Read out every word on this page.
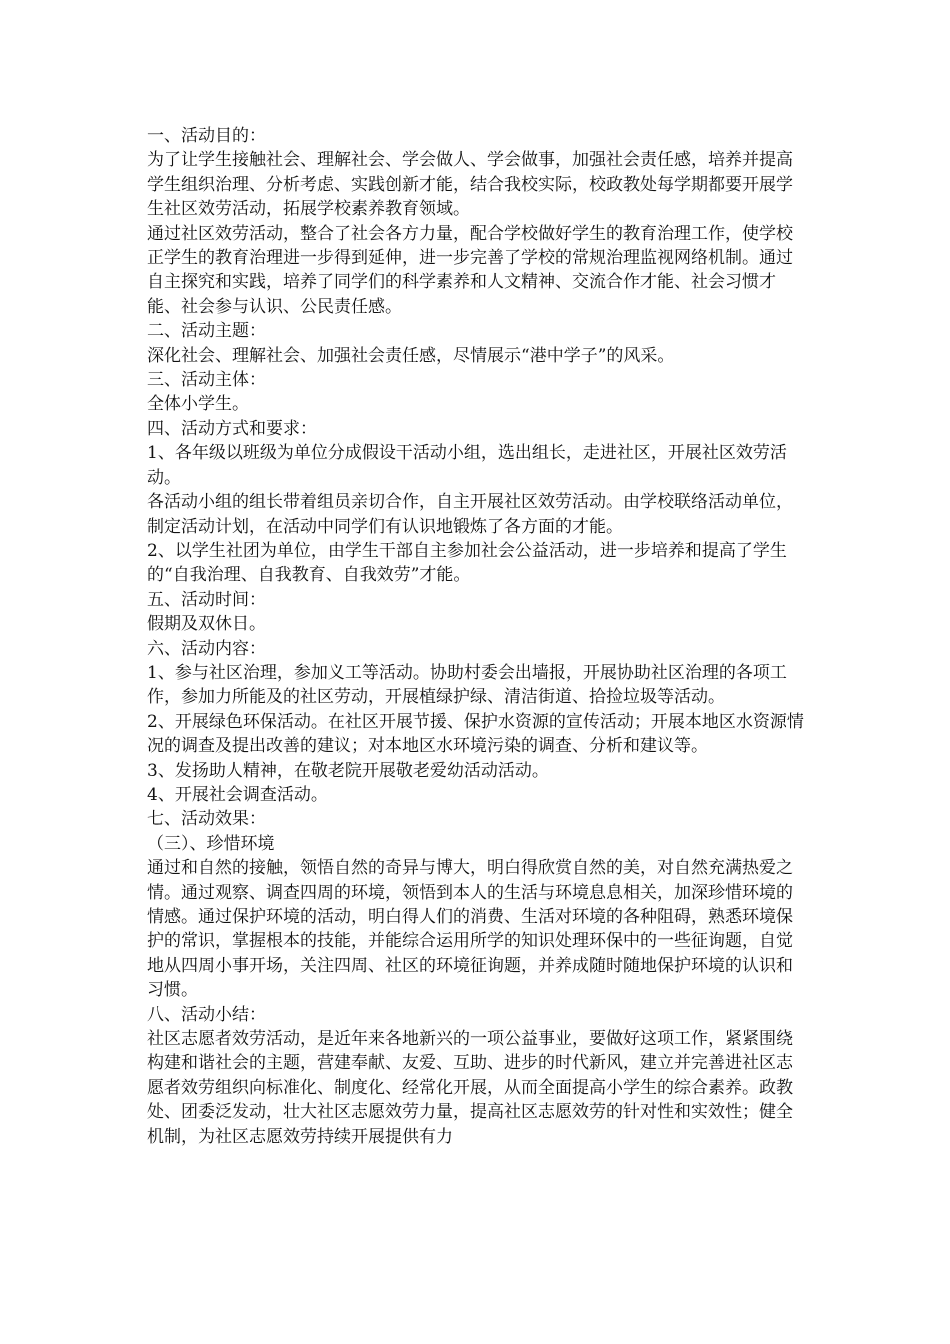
一、活动目的：

为了让学生接触社会、理解社会、学会做人、学会做事，加强社会责任感，培养并提高学生组织治理、分析考虑、实践创新才能，结合我校实际，校政教处每学期都要开展学生社区效劳活动，拓展学校素养教育领域。

通过社区效劳活动，整合了社会各方力量，配合学校做好学生的教育治理工作，使学校正学生的教育治理进一步得到延伸，进一步完善了学校的常规治理监视网络机制。通过自主探究和实践，培养了同学们的科学素养和人文精神、交流合作才能、社会习惯才能、社会参与认识、公民责任感。

二、活动主题：

深化社会、理解社会、加强社会责任感，尽情展示“港中学子”的风采。

三、活动主体：

全体小学生。

四、活动方式和要求：

1、各年级以班级为单位分成假设干活动小组，选出组长，走进社区，开展社区效劳活动。

各活动小组的组长带着组员亲切合作，自主开展社区效劳活动。由学校联络活动单位，制定活动计划，在活动中同学们有认识地锻炼了各方面的才能。

2、以学生社团为单位，由学生干部自主参加社会公益活动，进一步培养和提高了学生的“自我治理、自我教育、自我效劳”才能。

五、活动时间：

假期及双休日。

六、活动内容：

1、参与社区治理，参加义工等活动。协助村委会出墙报，开展协助社区治理的各项工作，参加力所能及的社区劳动，开展植绿护绿、清洁街道、拾捡垃圾等活动。

2、开展绿色环保活动。在社区开展节援、保护水资源的宣传活动；开展本地区水资源情况的调查及提出改善的建议；对本地区水环境污染的调查、分析和建议等。

3、发扬助人精神，在敬老院开展敬老爱幼活动活动。

4、开展社会调查活动。

七、活动效果：

（三）、珍惜环境

通过和自然的接触，领悟自然的奇异与博大，明白得欣赏自然的美，对自然充满热爱之情。通过观察、调查四周的环境，领悟到本人的生活与环境息息相关，加深珍惜环境的情感。通过保护环境的活动，明白得人们的消费、生活对环境的各种阻碍，熟悉环境保护的常识，掌握根本的技能，并能综合运用所学的知识处理环保中的一些征询题，自觉地从四周小事开场，关注四周、社区的环境征询题，并养成随时随地保护环境的认识和习惯。

八、活动小结：

社区志愿者效劳活动，是近年来各地新兴的一项公益事业，要做好这项工作，紧紧围绕构建和谐社会的主题，营建奉献、友爱、互助、进步的时代新风，建立并完善进社区志愿者效劳组织向标准化、制度化、经常化开展，从而全面提高小学生的综合素养。政教处、团委泛发动，壮大社区志愿效劳力量，提高社区志愿效劳的针对性和实效性；健全机制，为社区志愿效劳持续开展提供有力
